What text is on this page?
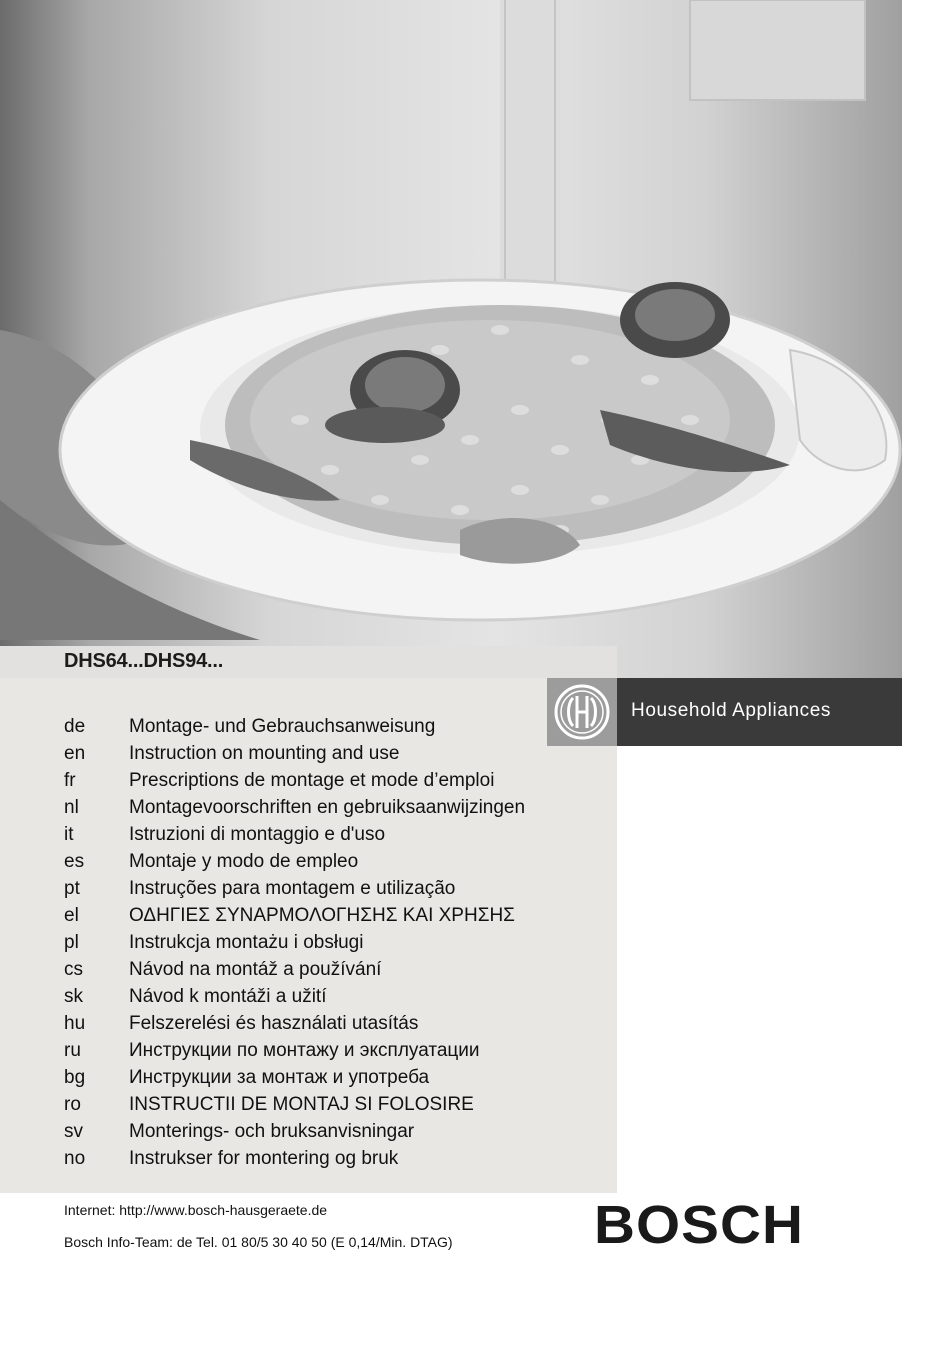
DHS64...DHS94...
de Montage- und Gebrauchsanweisung
en Instruction on mounting and use
fr	Prescriptions de montage et mode d’emploi
nl	Montagevoorschriften en gebruiksaanwijzingen
it	Istruzioni di montaggio e d'uso
es Montaje y modo de empleo
pt	Instruções para montagem e utilização
el	ΟΔΗΓΙΕΣ ΣΥΝΑΡΜΟΛΟΓΗΣΗΣ ΚΑΙ ΧΡΗΣΗΣ
pl	Instrukcja montażu i obsługi
cs Návod na montáž a používání
sk Návod k montáži a užití
hu Felszerelési és használati utasítás
ru	Инструкции по монтажу и эксплуатации
bg Инструкции за монтаж и употреба
ro	INSTRUCTII DE MONTAJ SI FOLOSIRE
sv Monterings- och bruksanvisningar
no Instrukser for montering og bruk
Household Appliances
Internet: http://www.bosch-hausgeraete.de
Bosch Info-Team: de Tel. 01 80/5 30 40 50 (E 0,14/Min. DTAG)	BOSCH
